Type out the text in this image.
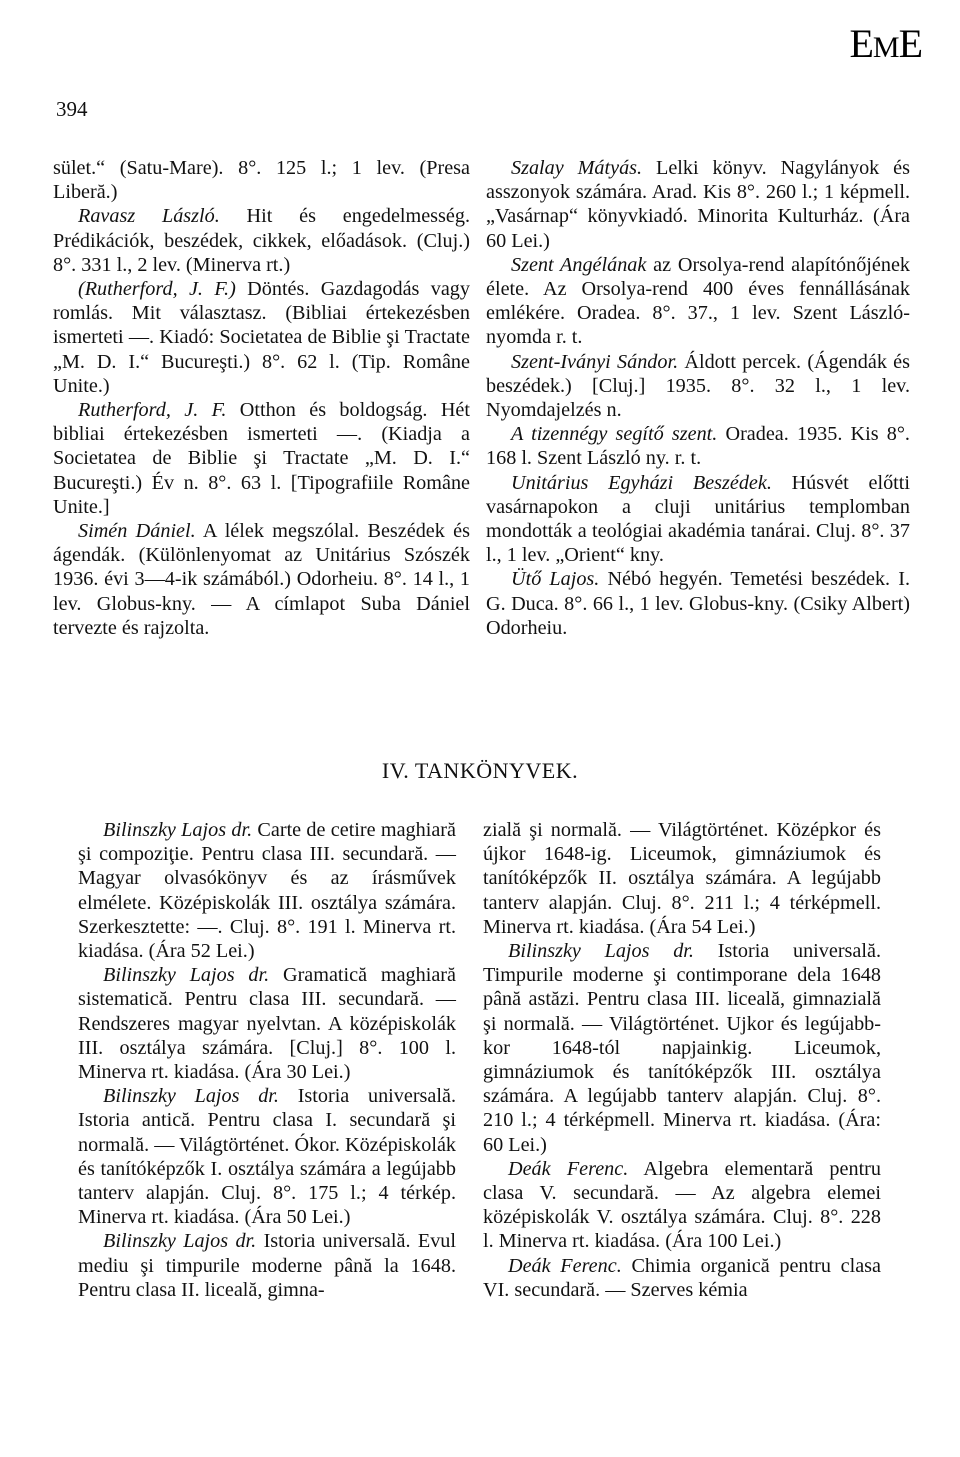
EME
394

sület.“ (Satu-Mare). 8°. 125 l.; 1 lev. (Presa Liberă.)

Ravasz László. Hit és engedelmesség. Prédikációk, beszédek, cikkek, előadások. (Cluj.) 8°. 331 l., 2 lev. (Minerva rt.)

(Rutherford, J. F.) Döntés. Gazdagodás vagy romlás. Mit választasz. (Bibliai értekezésben ismerteti —. Kiadó: Societatea de Biblie şi Tractate „M. D. I.“ Bucureşti.) 8°. 62 l. (Tip. Române Unite.)

Rutherford, J. F. Otthon és boldogság. Hét bibliai értekezésben ismerteti —. (Kiadja a Societatea de Biblie şi Tractate „M. D. I.“ Bucureşti.) Év n. 8°. 63 l. [Tipografiile Române Unite.]

Simén Dániel. A lélek megszólal. Beszédek és ágendák. (Különlenyomat az Unitárius Szószék 1936. évi 3—4-ik számából.) Odorheiu. 8°. 14 l., 1 lev. Globus-kny. — A címlapot Suba Dániel tervezte és rajzolta.

Szalay Mátyás. Lelki könyv. Nagylányok és asszonyok számára. Arad. Kis 8°. 260 l.; 1 képmell. „Vasárnap“ könyvkiadó. Minorita Kulturház. (Ára 60 Lei.)

Szent Angélának az Orsolya-rend alapítónőjének élete. Az Orsolya-rend 400 éves fennállásának emlékére. Oradea. 8°. 37., 1 lev. Szent László-nyomda r. t.

Szent-Iványi Sándor. Áldott percek. (Ágendák és beszédek.) [Cluj.] 1935. 8°. 32 l., 1 lev. Nyomdajelzés n.

A tizennégy segítő szent. Oradea. 1935. Kis 8°. 168 l. Szent László ny. r. t.

Unitárius Egyházi Beszédek. Húsvét előtti vasárnapokon a cluji unitárius templomban mondották a teológiai akadémia tanárai. Cluj. 8°. 37 l., 1 lev. „Orient“ kny.

Ütő Lajos. Nébó hegyén. Temetési beszédek. I. G. Duca. 8°. 66 l., 1 lev. Globus-kny. (Csiky Albert) Odorheiu.

IV. TANKÖNYVEK.

Bilinszky Lajos dr. Carte de cetire maghiară şi compoziţie. Pentru clasa III. secundară. — Magyar olvasókönyv és az írásművek elmélete. Középiskolák III. osztálya számára. Szerkesztette: —. Cluj. 8°. 191 l. Minerva rt. kiadása. (Ára 52 Lei.)

Bilinszky Lajos dr. Gramatică maghiară sistematică. Pentru clasa III. secundară. — Rendszeres magyar nyelvtan. A középiskolák III. osztálya számára. [Cluj.] 8°. 100 l. Minerva rt. kiadása. (Ára 30 Lei.)

Bilinszky Lajos dr. Istoria universală. Istoria antică. Pentru clasa I. secundară şi normală. — Világtörténet. Ókor. Középiskolák és tanítóképzők I. osztálya számára a legújabb tanterv alapján. Cluj. 8°. 175 l.; 4 térkép. Minerva rt. kiadása. (Ára 50 Lei.)

Bilinszky Lajos dr. Istoria universală. Evul mediu şi timpurile moderne până la 1648. Pentru clasa II. liceală, gimna-

zială şi normală. — Világtörténet. Középkor és újkor 1648-ig. Liceumok, gimnáziumok és tanítóképzők II. osztálya számára. A legújabb tanterv alapján. Cluj. 8°. 211 l.; 4 térképmell. Minerva rt. kiadása. (Ára 54 Lei.)

Bilinszky Lajos dr. Istoria universală. Timpurile moderne şi contimporane dela 1648 până astăzi. Pentru clasa III. liceală, gimnazială şi normală. — Világtörténet. Ujkor és legújabb-kor 1648-tól napjainkig. Liceumok, gimnáziumok és tanítóképzők III. osztálya számára. A legújabb tanterv alapján. Cluj. 8°. 210 l.; 4 térképmell. Minerva rt. kiadása. (Ára: 60 Lei.)

Deák Ferenc. Algebra elementară pentru clasa V. secundară. — Az algebra elemei középiskolák V. osztálya számára. Cluj. 8°. 228 l. Minerva rt. kiadása. (Ára 100 Lei.)

Deák Ferenc. Chimia organică pentru clasa VI. secundară. — Szerves kémia
